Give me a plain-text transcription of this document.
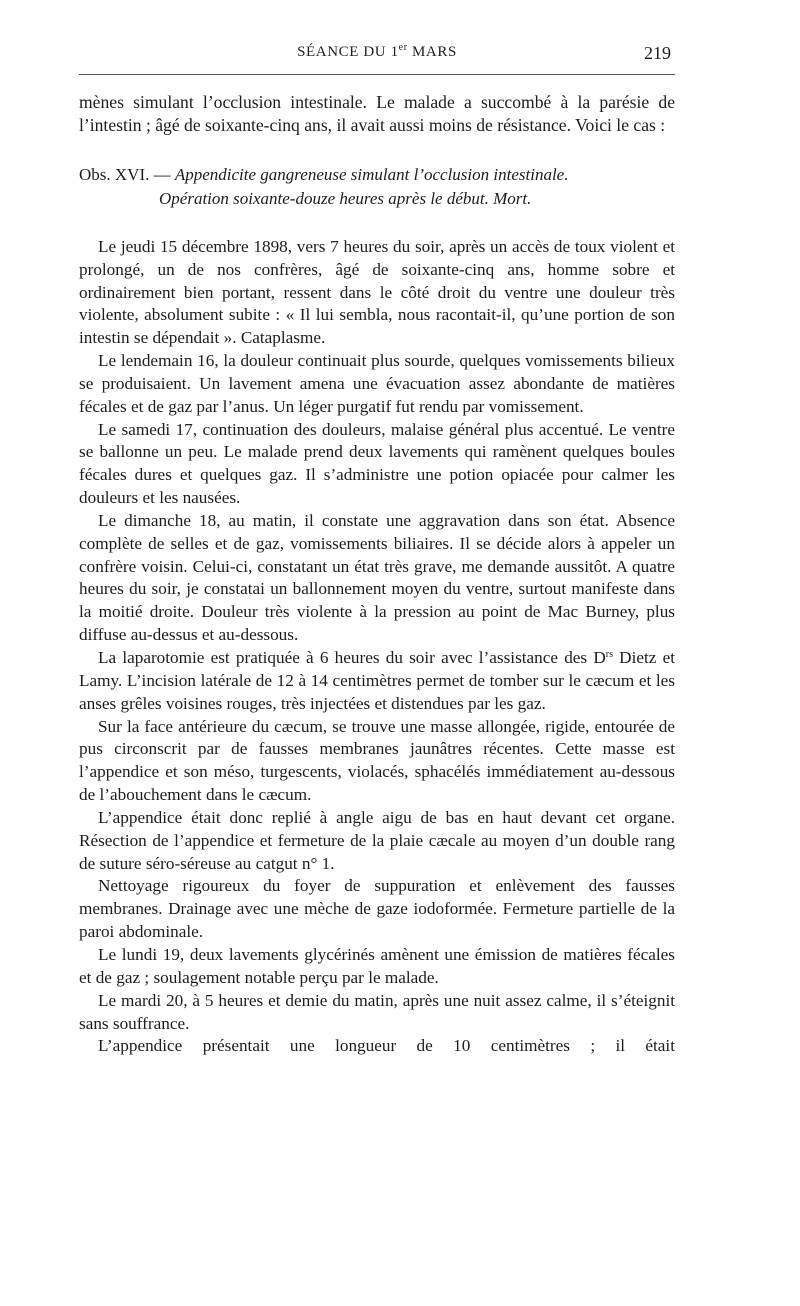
SÉANCE DU 1er MARS	219

mènes simulant l’occlusion intestinale. Le malade a succombé à la parésie de l’intestin ; âgé de soixante-cinq ans, il avait aussi moins de résistance. Voici le cas :

Obs. XVI. — Appendicite gangreneuse simulant l’occlusion intestinale.
Opération soixante-douze heures après le début. Mort.

Le jeudi 15 décembre 1898, vers 7 heures du soir, après un accès de toux violent et prolongé, un de nos confrères, âgé de soixante-cinq ans, homme sobre et ordinairement bien portant, ressent dans le côté droit du ventre une douleur très violente, absolument subite : « Il lui sembla, nous racontait-il, qu’une portion de son intestin se dépendait ». Cataplasme.

Le lendemain 16, la douleur continuait plus sourde, quelques vomissements bilieux se produisaient. Un lavement amena une évacuation assez abondante de matières fécales et de gaz par l’anus. Un léger purgatif fut rendu par vomissement.

Le samedi 17, continuation des douleurs, malaise général plus accentué. Le ventre se ballonne un peu. Le malade prend deux lavements qui ramènent quelques boules fécales dures et quelques gaz. Il s’administre une potion opiacée pour calmer les douleurs et les nausées.

Le dimanche 18, au matin, il constate une aggravation dans son état. Absence complète de selles et de gaz, vomissements biliaires. Il se décide alors à appeler un confrère voisin. Celui-ci, constatant un état très grave, me demande aussitôt. A quatre heures du soir, je constatai un ballonnement moyen du ventre, surtout manifeste dans la moitié droite. Douleur très violente à la pression au point de Mac Burney, plus diffuse au-dessus et au-dessous.

La laparotomie est pratiquée à 6 heures du soir avec l’assistance des $D^{rs}$ Dietz et Lamy. L’incision latérale de 12 à 14 centimètres permet de tomber sur le cæcum et les anses grêles voisines rouges, très injectées et distendues par les gaz.

Sur la face antérieure du cæcum, se trouve une masse allongée, rigide, entourée de pus circonscrit par de fausses membranes jaunâtres récentes. Cette masse est l’appendice et son méso, turgescents, violacés, sphacélés immédiatement au-dessous de l’abouchement dans le cæcum.

L’appendice était donc replié à angle aigu de bas en haut devant cet organe. Résection de l’appendice et fermeture de la plaie cæcale au moyen d’un double rang de suture séro-séreuse au catgut n° 1.

Nettoyage rigoureux du foyer de suppuration et enlèvement des fausses membranes. Drainage avec une mèche de gaze iodoformée. Fermeture partielle de la paroi abdominale.

Le lundi 19, deux lavements glycérinés amènent une émission de matières fécales et de gaz ; soulagement notable perçu par le malade.

Le mardi 20, à 5 heures et demie du matin, après une nuit assez calme, il s’éteignit sans souffrance.

L’appendice présentait une longueur de 10 centimètres ; il était
